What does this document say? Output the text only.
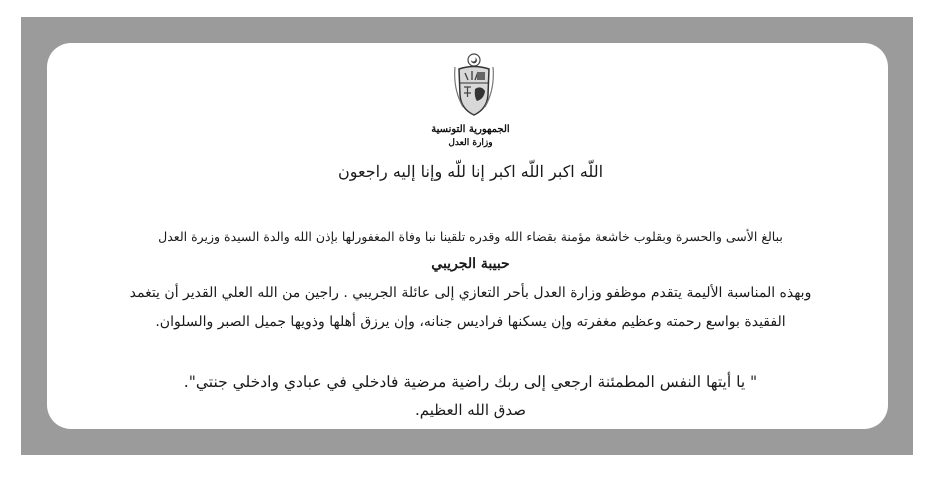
الجمهورية التونسية
وزارة العدل
اللّه اكبر اللّه اكبر إنا للّه وإنا إليه راجعون
ببالغ الأسى والحسرة وبقلوب خاشعة مؤمنة بقضاء الله وقدره تلقينا نبا وفاة المغفورلها بإذن الله والدة السيدة وزيرة العدل
حبيبة الجريبي
وبهذه المناسبة الأليمة يتقدم موظفو وزارة العدل بأحر التعازي إلى عائلة الجريبي . راجين من الله العلي القدير أن يتغمد
الفقيدة بواسع رحمته وعظيم مغفرته وإن يسكنها فراديس جنانه، وإن يرزق أهلها وذويها جميل الصبر والسلوان.
" يا أيتها النفس المطمئنة ارجعي إلى ربك راضية مرضية فادخلي في عبادي وادخلي جنتي".
صدق الله العظيم.
